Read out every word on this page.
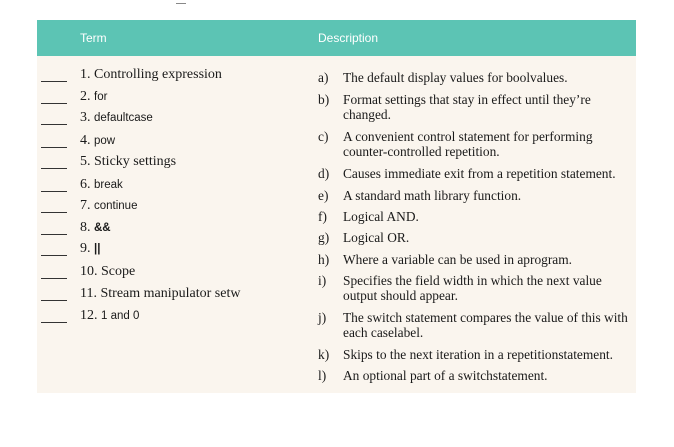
Term	Description
1. Controlling expression
2. for
3. defaultcase
4. pow
5. Sticky settings
6. break
7. continue
8. &&
9. ||
10. Scope
11. Stream manipulator setw
12. 1 and 0
a) The default display values for boolvalues.
b) Format settings that stay in effect until they’re changed.
c) A convenient control statement for performing counter-controlled repetition.
d) Causes immediate exit from a repetition statement.
e) A standard math library function.
f) Logical AND.
g) Logical OR.
h) Where a variable can be used in aprogram.
i) Specifies the field width in which the next value output should appear.
j) The switch statement compares the value of this with each caselabel.
k) Skips to the next iteration in a repetitionstatement.
l) An optional part of a switchstatement.
